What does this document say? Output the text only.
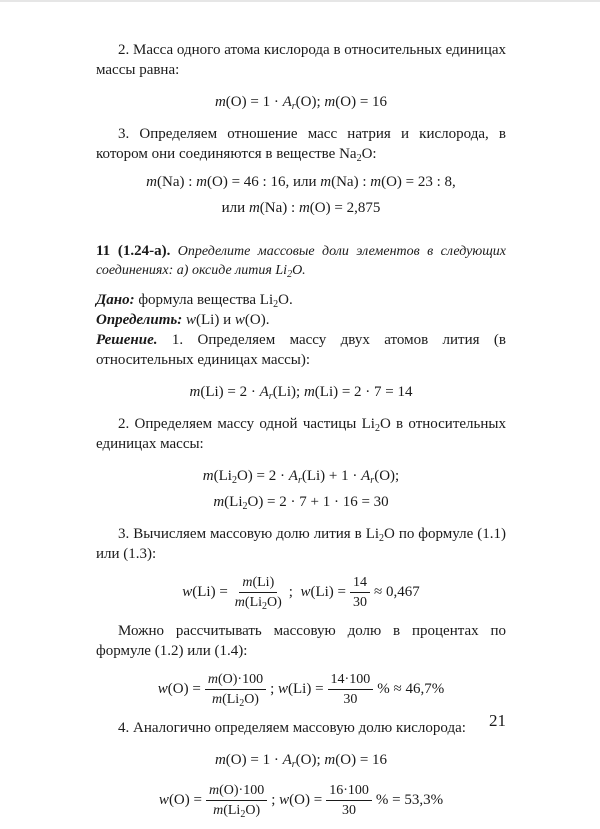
2. Масса одного атома кислорода в относительных единицах массы равна:

$m(O) = 1 \cdot A_r(O)$; m(O) = 16

3. Определяем отношение масс натрия и кислорода, в котором они соединяются в веществе $Na_2O$:

m(Na) : m(O) = 46 : 16, или m(Na) : m(O) = 23 : 8,
или m(Na) : m(O) = 2,875

11 (1.24-а). Определите массовые доли элементов в следующих соединениях: а) оксиде лития $Li_2O$.

Дано: формула вещества $Li_2O$.

Определить: w(Li) и w(O).

Решение. 1. Определяем массу двух атомов лития (в относительных единицах массы):

$m(Li) = 2 \cdot A_r(Li)$; m(Li) = 2 · 7 = 14

2. Определяем массу одной частицы $Li_2O$ в относительных единицах массы:

$m(Li_2O) = 2 \cdot A_r(Li) + 1 \cdot A_r(O)$;
$m(Li_2O) = 2 \cdot 7 + 1 \cdot 16 = 30$

3. Вычисляем массовую долю лития в $Li_2O$ по формуле (1.1) или (1.3):

$w(Li) = \frac{m(Li)}{m(Li_2O)}$ ;  $w(Li) = \frac{14}{30} \approx 0,467$

Можно рассчитывать массовую долю в процентах по формуле (1.2) или (1.4):

$w(O) = \frac{m(O)\cdot 100}{m(Li_2O)}$ ; $w(Li) = \frac{14\cdot 100}{30}$ % ≈ 46,7%

4. Аналогично определяем массовую долю кислорода:

$m(O) = 1 \cdot A_r(O)$; m(O) = 16
$w(O) = \frac{m(O)\cdot 100}{m(Li_2O)}$ ; $w(O) = \frac{16\cdot 100}{30}$ % = 53,3%
21
